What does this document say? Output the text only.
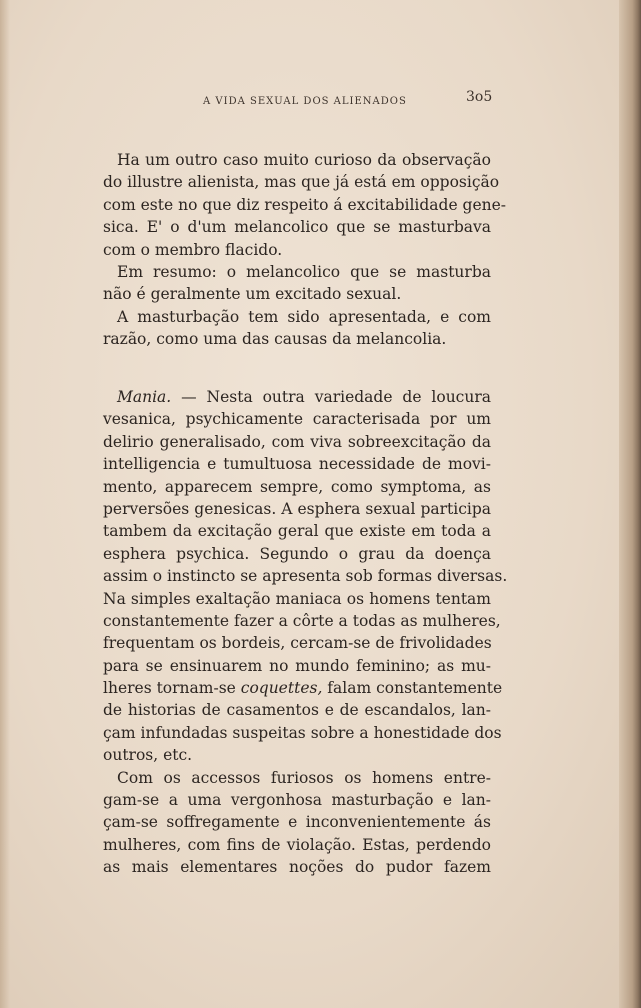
A VIDA SEXUAL DOS ALIENADOS	3o5
Ha um outro caso muito curioso da observação
do illustre alienista, mas que já está em opposição
com este no que diz respeito á excitabilidade gene-
sica. E' o d'um melancolico que se masturbava
com o membro flacido.
Em resumo: o melancolico que se masturba
não é geralmente um excitado sexual.
A masturbação tem sido apresentada, e com
razão, como uma das causas da melancolia.
Mania. — Nesta outra variedade de loucura
vesanica, psychicamente caracterisada por um
delirio generalisado, com viva sobreexcitação da
intelligencia e tumultuosa necessidade de movi-
mento, apparecem sempre, como symptoma, as
perversões genesicas. A esphera sexual participa
tambem da excitação geral que existe em toda a
esphera psychica. Segundo o grau da doença
assim o instincto se apresenta sob formas diversas.
Na simples exaltação maniaca os homens tentam
constantemente fazer a côrte a todas as mulheres,
frequentam os bordeis, cercam-se de frivolidades
para se ensinuarem no mundo feminino; as mu-
lheres tornam-se coquettes, falam constantemente
de historias de casamentos e de escandalos, lan-
çam infundadas suspeitas sobre a honestidade dos
outros, etc.
Com os accessos furiosos os homens entre-
gam-se a uma vergonhosa masturbação e lan-
çam-se soffregamente e inconvenientemente ás
mulheres, com fins de violação. Estas, perdendo
as mais elementares noções do pudor fazem
